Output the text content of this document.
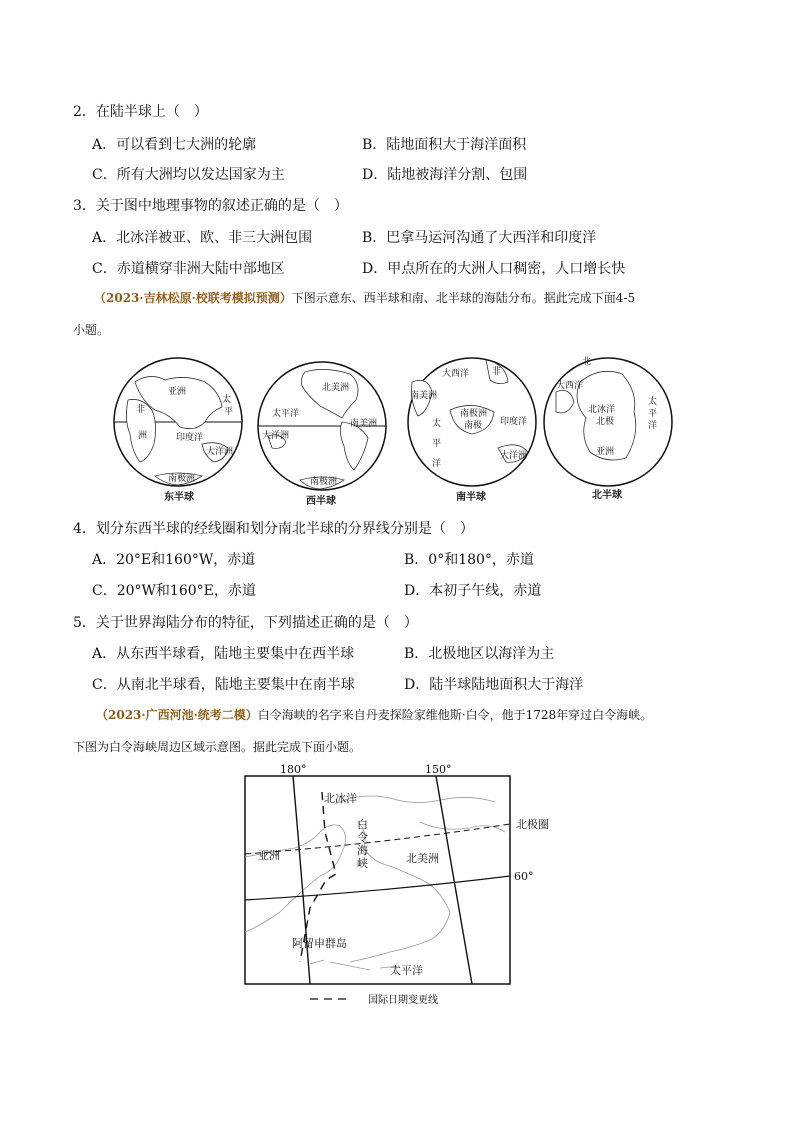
2．在陆半球上（　）
A．可以看到七大洲的轮廓	B．陆地面积大于海洋面积
C．所有大洲均以发达国家为主	D．陆地被海洋分割、包围
3．关于图中地理事物的叙述正确的是（　）
A．北冰洋被亚、欧、非三大洲包围	B．巴拿马运河沟通了大西洋和印度洋
C．赤道横穿非洲大陆中部地区	D．甲点所在的大洲人口稠密，人口增长快
（2023·吉林松原·校联考模拟预测）下图示意东、西半球和南、北半球的海陆分布。据此完成下面4-5
小题。
亚洲
非
洲	印度洋
大洋洲
南极洲
太
平
东半球
北美洲
太平洋
大洋洲
南美洲
南极洲
西半球
大西洋	非
南美洲
南极洲
南极 印度洋
太
平
洋
大洋洲
南半球
北
大西洋
北冰洋
北极
亚洲
太
平
洋
北半球
4．划分东西半球的经线圈和划分南北半球的分界线分别是（　）
A．20°E和160°W，赤道	B．0°和180°，赤道
C．20°W和160°E，赤道	D．本初子午线，赤道
5．关于世界海陆分布的特征，下列描述正确的是（　）
A．从东西半球看，陆地主要集中在西半球	B．北极地区以海洋为主
C．从南北半球看，陆地主要集中在南半球	D．陆半球陆地面积大于海洋
（2023·广西河池·统考二模）白令海峡的名字来自丹麦探险家维他斯·白令，他于1728年穿过白令海峡。
下图为白令海峡周边区域示意图。据此完成下面小题。
180°	150°
北极圈
60°
北冰洋
白
令
海
峡
亚洲	北美洲
阿留申群岛
太平洋
国际日期变更线
